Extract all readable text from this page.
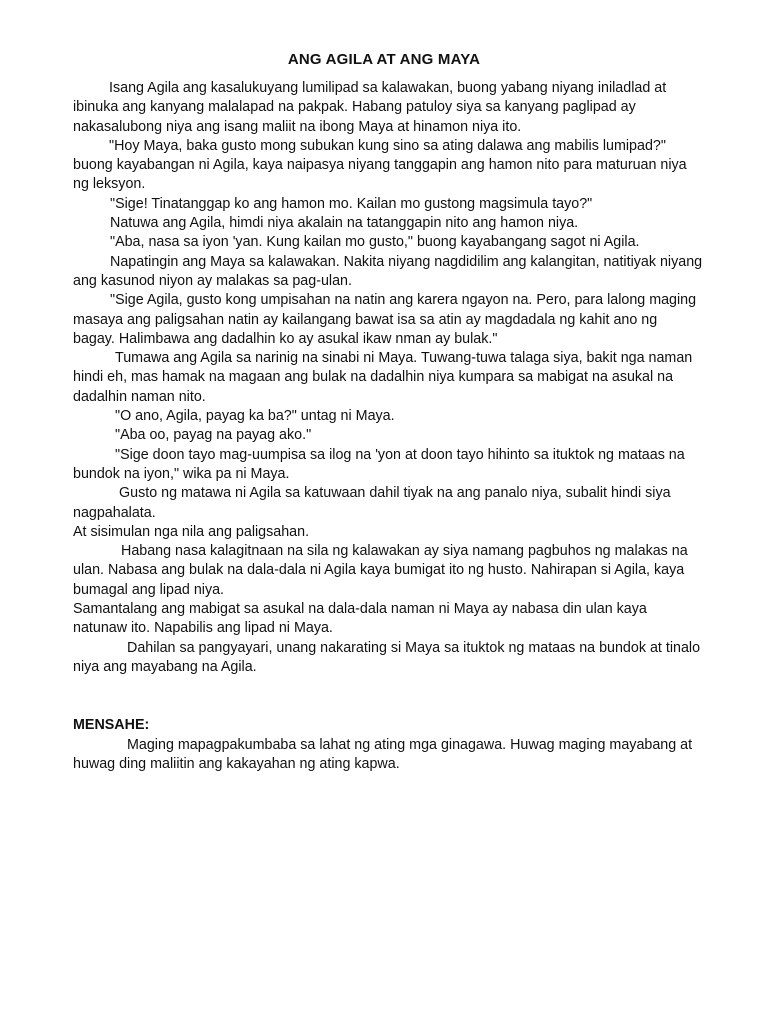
ANG AGILA AT ANG MAYA

Isang Agila ang kasalukuyang lumilipad sa kalawakan, buong yabang niyang iniladlad at ibinuka ang kanyang malalapad na pakpak. Habang patuloy siya sa kanyang paglipad ay nakasalubong niya ang isang maliit na ibong Maya at hinamon niya ito.

"Hoy Maya, baka gusto mong subukan kung sino sa ating dalawa ang mabilis lumipad?" buong kayabangan ni Agila, kaya naipasya niyang tanggapin ang hamon nito para maturuan niya ng leksyon.

"Sige! Tinatanggap ko ang hamon mo. Kailan mo gustong magsimula tayo?"

Natuwa ang Agila, himdi niya akalain na tatanggapin nito ang hamon niya.

"Aba, nasa sa iyon 'yan. Kung kailan mo gusto," buong kayabangang sagot ni Agila.

Napatingin ang Maya sa kalawakan. Nakita niyang nagdidilim ang kalangitan, natitiyak niyang ang kasunod niyon ay malakas sa pag-ulan.

"Sige Agila, gusto kong umpisahan na natin ang karera ngayon na. Pero, para lalong maging masaya ang paligsahan natin ay kailangang bawat isa sa atin ay magdadala ng kahit ano ng bagay. Halimbawa ang dadalhin ko ay asukal ikaw nman ay bulak."

Tumawa ang Agila sa narinig na sinabi ni Maya. Tuwang-tuwa talaga siya, bakit nga naman hindi eh, mas hamak na magaan ang bulak na dadalhin niya kumpara sa mabigat na asukal na dadalhin naman nito.

"O ano, Agila, payag ka ba?" untag ni Maya.

"Aba oo, payag na payag ako."

"Sige doon tayo mag-uumpisa sa ilog na 'yon at doon tayo hihinto sa ituktok ng mataas na bundok na iyon," wika pa ni Maya.

Gusto ng matawa ni Agila sa katuwaan dahil tiyak na ang panalo niya, subalit hindi siya nagpahalata.

At sisimulan nga nila ang paligsahan.

Habang nasa kalagitnaan na sila ng kalawakan ay siya namang pagbuhos ng malakas na ulan. Nabasa ang bulak na dala-dala ni Agila kaya bumigat ito ng husto. Nahirapan si Agila, kaya bumagal ang lipad niya.

Samantalang ang mabigat sa asukal na dala-dala naman ni Maya ay nabasa din ulan kaya natunaw ito. Napabilis ang lipad ni Maya.

Dahilan sa pangyayari, unang nakarating si Maya sa ituktok ng mataas na bundok at tinalo niya ang mayabang na Agila.

MENSAHE:

Maging mapagpakumbaba sa lahat ng ating mga ginagawa. Huwag maging mayabang at huwag ding maliitin ang kakayahan ng ating kapwa.
